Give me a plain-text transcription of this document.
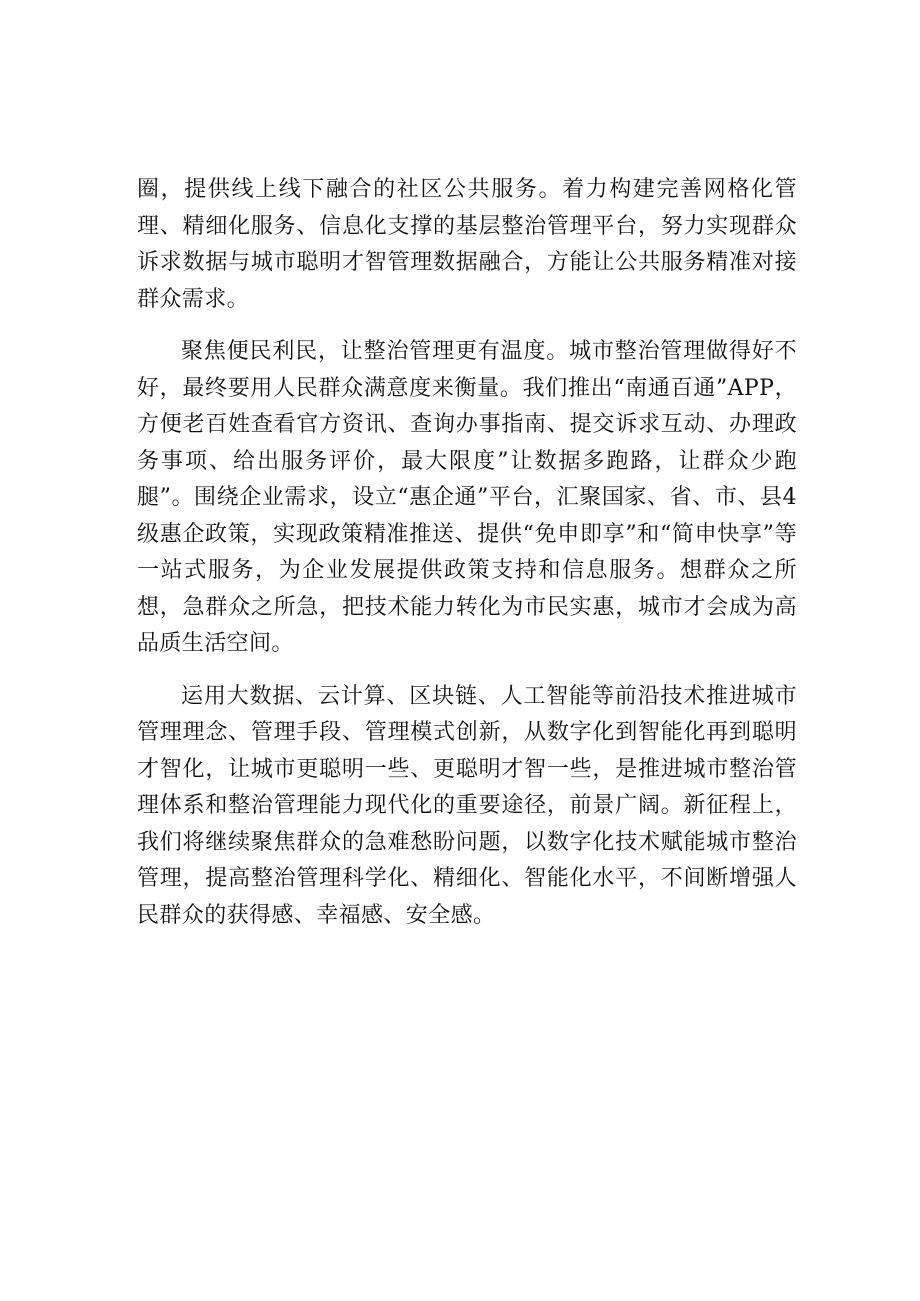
圈，提供线上线下融合的社区公共服务。着力构建完善网格化管理、精细化服务、信息化支撑的基层整治管理平台，努力实现群众诉求数据与城市聪明才智管理数据融合，方能让公共服务精准对接群众需求。

聚焦便民利民，让整治管理更有温度。城市整治管理做得好不好，最终要用人民群众满意度来衡量。我们推出“南通百通”APP，方便老百姓查看官方资讯、查询办事指南、提交诉求互动、办理政务事项、给出服务评价，最大限度”让数据多跑路，让群众少跑腿”。围绕企业需求，设立“惠企通”平台，汇聚国家、省、市、县4级惠企政策，实现政策精准推送、提供“免申即享”和“简申快享”等一站式服务，为企业发展提供政策支持和信息服务。想群众之所想，急群众之所急，把技术能力转化为市民实惠，城市才会成为高品质生活空间。

运用大数据、云计算、区块链、人工智能等前沿技术推进城市管理理念、管理手段、管理模式创新，从数字化到智能化再到聪明才智化，让城市更聪明一些、更聪明才智一些，是推进城市整治管理体系和整治管理能力现代化的重要途径，前景广阔。新征程上，我们将继续聚焦群众的急难愁盼问题，以数字化技术赋能城市整治管理，提高整治管理科学化、精细化、智能化水平，不间断增强人民群众的获得感、幸福感、安全感。
